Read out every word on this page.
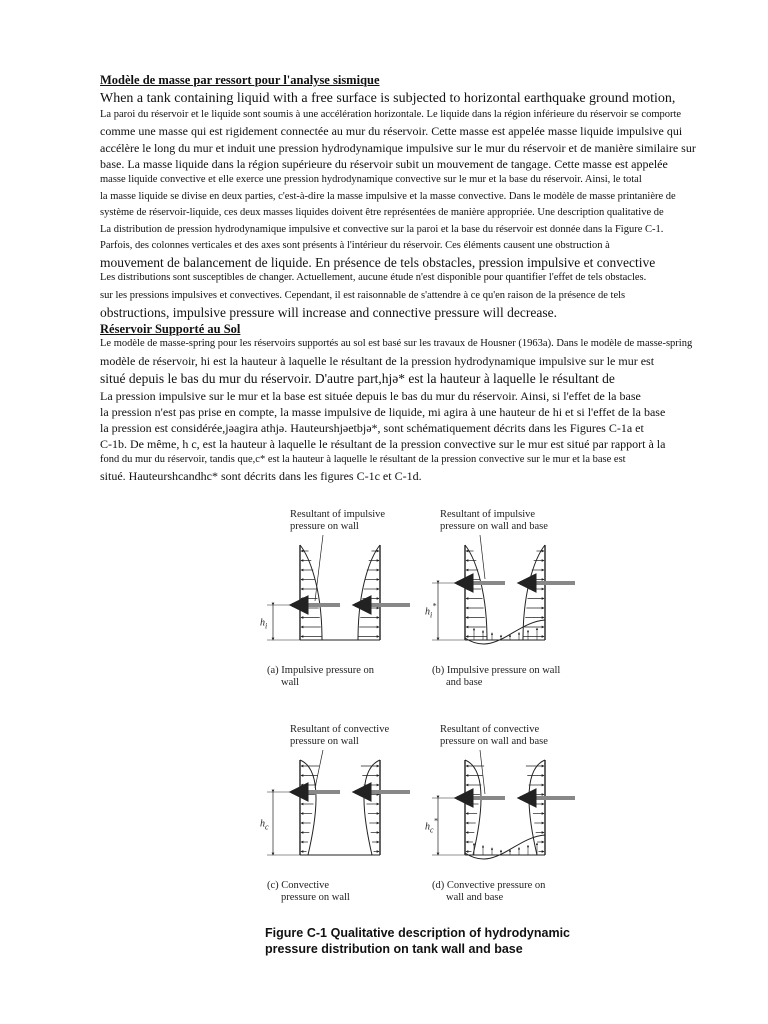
Modèle de masse par ressort pour l'analyse sismique
When a tank containing liquid with a free surface is subjected to horizontal earthquake ground motion,
La paroi du réservoir et le liquide sont soumis à une accélération horizontale. Le liquide dans la région inférieure du réservoir se comporte
comme une masse qui est rigidement connectée au mur du réservoir. Cette masse est appelée masse liquide impulsive qui
accélère le long du mur et induit une pression hydrodynamique impulsive sur le mur du réservoir et de manière similaire sur
base. La masse liquide dans la région supérieure du réservoir subit un mouvement de tangage. Cette masse est appelée
masse liquide convective et elle exerce une pression hydrodynamique convective sur le mur et la base du réservoir. Ainsi, le total
la masse liquide se divise en deux parties, c'est-à-dire la masse impulsive et la masse convective. Dans le modèle de masse printanière de
système de réservoir-liquide, ces deux masses liquides doivent être représentées de manière appropriée. Une description qualitative de
La distribution de pression hydrodynamique impulsive et convective sur la paroi et la base du réservoir est donnée dans la Figure C-1.
Parfois, des colonnes verticales et des axes sont présents à l'intérieur du réservoir. Ces éléments causent une obstruction à
mouvement de balancement de liquide. En présence de tels obstacles, pression impulsive et convective
Les distributions sont susceptibles de changer. Actuellement, aucune étude n'est disponible pour quantifier l'effet de tels obstacles.
sur les pressions impulsives et convectives. Cependant, il est raisonnable de s'attendre à ce qu'en raison de la présence de tels
obstructions, impulsive pressure will increase and connective pressure will decrease.
Réservoir Supporté au Sol
Le modèle de masse-spring pour les réservoirs supportés au sol est basé sur les travaux de Housner (1963a). Dans le modèle de masse-spring
modèle de réservoir, hi est la hauteur à laquelle le résultant de la pression hydrodynamique impulsive sur le mur est
situé depuis le bas du mur du réservoir. D'autre part,hjə* est la hauteur à laquelle le résultant de
La pression impulsive sur le mur et la base est située depuis le bas du mur du réservoir. Ainsi, si l'effet de la base
la pression n'est pas prise en compte, la masse impulsive de liquide, mi agira à une hauteur de hi et si l'effet de la base
la pression est considérée,jəagira athjə. Hauteurshjəetbjə*, sont schématiquement décrits dans les Figures C-1a et
C-1b. De même, h c, est la hauteur à laquelle le résultant de la pression convective sur le mur est situé par rapport à la
fond du mur du réservoir, tandis que,c* est la hauteur à laquelle le résultant de la pression convective sur le mur et la base est
situé. Hauteurshcandhc* sont décrits dans les figures C-1c et C-1d.
Resultant of impulsive
pressure on wall
$h_i$
(a) Impulsive pressure on
wall
Resultant of impulsive
pressure on wall and base
$h_i^*$
(b) Impulsive pressure on wall
and base
Resultant of convective
pressure on wall
$h_c$
(c) Convective
pressure on wall
Resultant of convective
pressure on wall and base
$h_c^*$
(d) Convective pressure on
wall and base
Figure C-1 Qualitative description of hydrodynamic pressure distribution on tank wall and base
